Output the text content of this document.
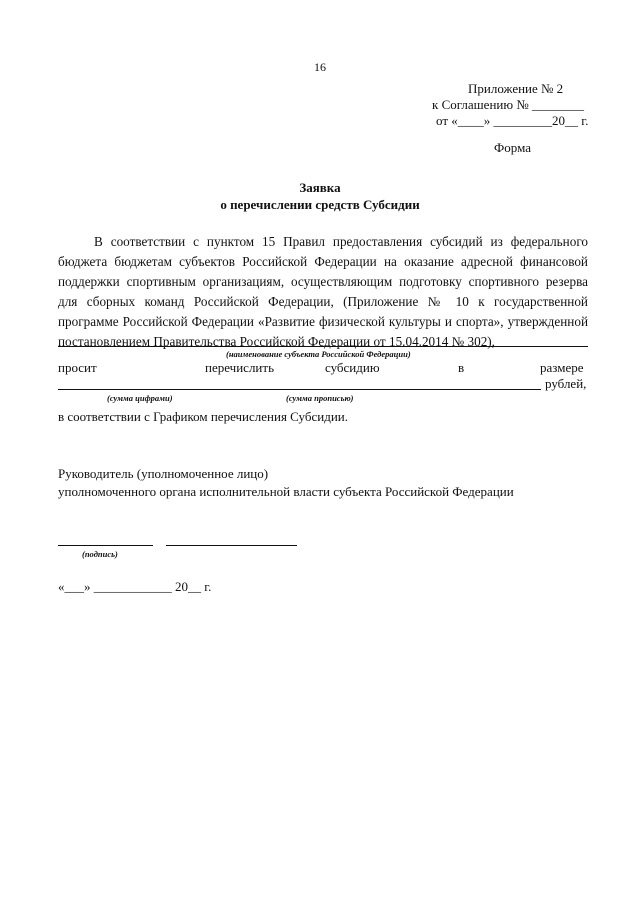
16
Приложение № 2
к Соглашению № ________
от «____» _________20__ г.
Форма
Заявка
о перечислении средств Субсидии
В соответствии с пунктом 15 Правил предоставления субсидий из федерального бюджета бюджетам субъектов Российской Федерации на оказание адресной финансовой поддержки спортивным организациям, осуществляющим подготовку спортивного резерва для сборных команд Российской Федерации, (Приложение № 10 к государственной программе Российской Федерации «Развитие физической культуры и спорта», утвержденной постановлением Правительства Российской Федерации от 15.04.2014 № 302),
(наименование субъекта Российской Федерации)
просит	перечислить	субсидию	в	размере
рублей,
(сумма цифрами)	(сумма прописью)
в соответствии с Графиком перечисления Субсидии.
Руководитель (уполномоченное лицо)
уполномоченного органа исполнительной власти субъекта Российской Федерации
(подпись)
«___» ____________ 20__ г.
